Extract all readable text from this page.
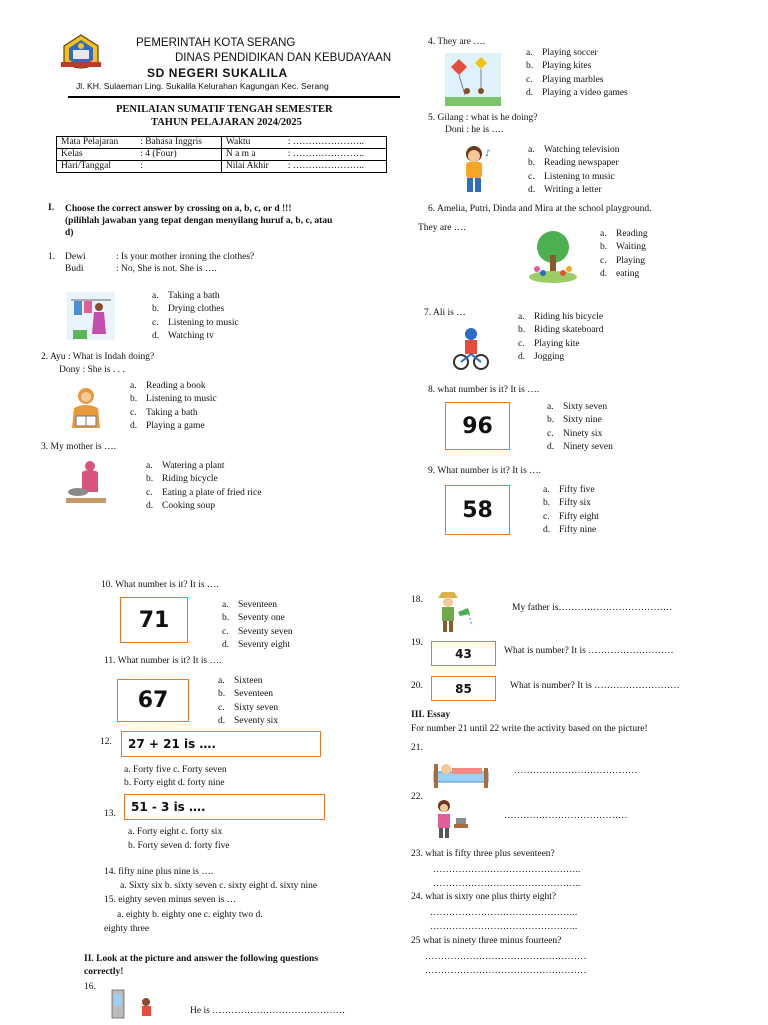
PEMERINTAH KOTA SERANG
DINAS PENDIDIKAN DAN KEBUDAYAAN
SD NEGERI SUKALILA
Jl. KH. Sulaeman Ling. Sukalila Kelurahan Kagungan Kec. Serang
PENILAIAN SUMATIF TENGAH SEMESTER
TAHUN PELAJARAN 2024/2025
Mata Pelajaran	: Bahasa Inggris	Waktu	: …………………..
Kelas	: 4 (Four)	N a m a	: …………………..
Hari/Tanggal	:	Nilai Akhir	: …………………..
I. Choose the correct answer by crossing on a, b, c, or d !!!
(pilihlah jawaban yang tepat dengan menyilang huruf a, b, c, atau
d)
1. Dewi	: Is your mother ironing the clothes?
Budi	: No, She is not. She is ….
a. Taking a bath
b. Drying clothes
c. Listening to music
d. Watching tv
2. Ayu : What is Indah doing?
Dony : She is . . .
a. Reading a book
b. Listening to music
c. Taking a bath
d. Playing a game
3. My mother is ….
a. Watering a plant
b. Riding bicycle
c. Eating a plate of fried rice
d. Cooking soup
4. They are ….
a. Playing soccer
b. Playing kites
c. Playing marbles
d. Playing a video games
5. Gilang : what is he doing?
Doni : he is ….
♪	a. Watching television
b. Reading newspaper
c. Listening to music
d. Writing a letter
6. Amelia, Putri, Dinda and Mira at the school playground.
They are ….
a. Reading
b. Waiting
c. Playing
d. eating
7. Ali is …	a. Riding his bicycle
b. Riding skateboard
c. Playing kite
d. Jogging
8. what number is it? It is ….
96
a. Sixty seven
b. Sixty nine
c. Ninety six
d. Ninety seven
9. What number is it? It is ….
58
a. Fifty five
b. Fifty six
c. Fifty eight
d. Fifty nine
10. What number is it? It is ….
71
a. Seventeen
b. Seventy one
c. Seventy seven
d. Seventy eight
11. What number is it? It is ….
67
a. Sixteen
b. Seventeen
c. Sixty seven
d. Seventy six
12.	27 + 21 is ….
a. Forty five c. Forty seven
b. Forty eight d. forty nine
13.	51 - 3 is ….
a. Forty eight c. forty six
b. Forty seven d. forty five
14. fifty nine plus nine is ….
a. Sixty six b. sixty seven c. sixty eight d. sixty nine
15. eighty seven minus seven is …
a. eighty b. eighty one c. eighty two d.
eighty three
II. Look at the picture and answer the following questions
correctly!
16.
He is ……………………………………
18.
My father is………………………………
19.
43	What is number? It is ………………………
20.	85	What is number? It is ………………………
III. Essay
For number 21 until 22 write the activity based on the picture!
21.
…………………………………
22.
…………………………………
23. what is fifty three plus seventeen?
………………………………………..
………………………………………..
24. what is sixty one plus thirty eight?
………………………………………..
………………………………………..
25 what is ninety three minus fourteen?
……………………………………………
……………………………………………
